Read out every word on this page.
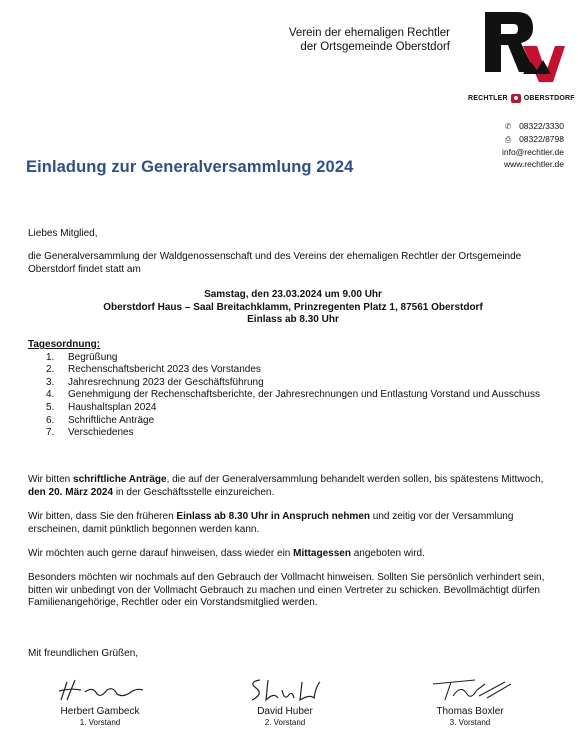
Verein der ehemaligen Rechtler
der Ortsgemeinde Oberstdorf
RECHTLER OBERSTDORF
✆ 08322/3330
⎙ 08322/8798
info@rechtler.de
www.rechtler.de
Einladung zur Generalversammlung 2024
Liebes Mitglied,
die Generalversammlung der Waldgenossenschaft und des Vereins der ehemaligen Rechtler der Ortsgemeinde Oberstdorf findet statt am
Samstag, den 23.03.2024 um 9.00 Uhr
Oberstdorf Haus – Saal Breitachklamm, Prinzregenten Platz 1, 87561 Oberstdorf
Einlass ab 8.30 Uhr
Tagesordnung:
1. Begrüßung
2. Rechenschaftsbericht 2023 des Vorstandes
3. Jahresrechnung 2023 der Geschäftsführung
4. Genehmigung der Rechenschaftsberichte, der Jahresrechnungen und Entlastung Vorstand und Ausschuss
5. Haushaltsplan 2024
6. Schriftliche Anträge
7. Verschiedenes
Wir bitten schriftliche Anträge, die auf der Generalversammlung behandelt werden sollen, bis spätestens Mittwoch, den 20. März 2024 in der Geschäftsstelle einzureichen.
Wir bitten, dass Sie den früheren Einlass ab 8.30 Uhr in Anspruch nehmen und zeitig vor der Versammlung erscheinen, damit pünktlich begonnen werden kann.
Wir möchten auch gerne darauf hinweisen, dass wieder ein Mittagessen angeboten wird.
Besonders möchten wir nochmals auf den Gebrauch der Vollmacht hinweisen. Sollten Sie persönlich verhindert sein, bitten wir unbedingt von der Vollmacht Gebrauch zu machen und einen Vertreter zu schicken. Bevollmächtigt dürfen Familienangehörige, Rechtler oder ein Vorstandsmitglied werden.
Mit freundlichen Grüßen,
Herbert Gambeck
1. Vorstand
David Huber
2. Vorstand
Thomas Boxler
3. Vorstand
